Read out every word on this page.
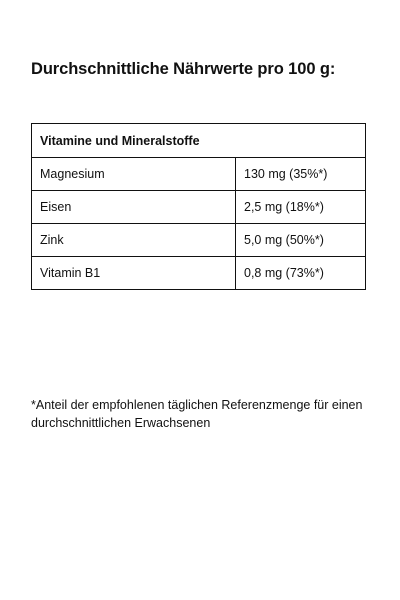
Durchschnittliche Nährwerte pro 100 g:
Vitamine und Mineralstoffe	
Magnesium	130 mg (35%*)
Eisen	2,5 mg (18%*)
Zink	5,0 mg (50%*)
Vitamin B1	0,8 mg (73%*)

*Anteil der empfohlenen täglichen Referenzmenge für einen durchschnittlichen Erwachsenen
